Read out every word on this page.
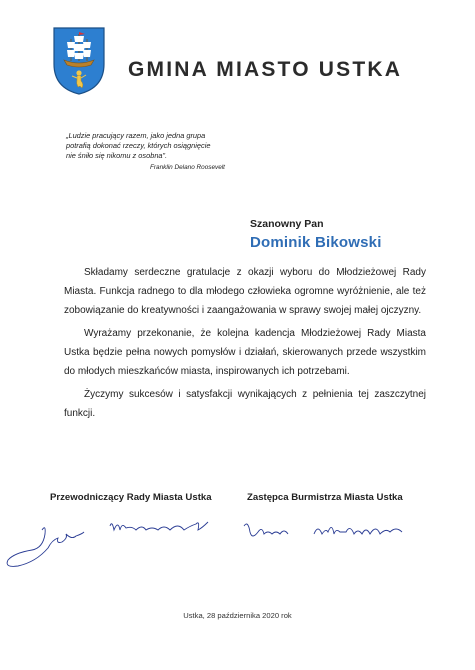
GMINA MIASTO USTKA
„Ludzie pracujący razem, jako jedna grupa
potrafią dokonać rzeczy, których osiągnięcie
nie śniło się nikomu z osobna”.
Franklin Delano Roosevelt
Szanowny Pan
Dominik Bikowski

Składamy serdeczne gratulacje z okazji wyboru do Młodzieżowej Rady Miasta. Funkcja radnego to dla młodego człowieka ogromne wyróżnienie, ale też zobowiązanie do kreatywności i zaangażowania w sprawy swojej małej ojczyzny.

Wyrażamy przekonanie, że kolejna kadencja Młodzieżowej Rady Miasta Ustka będzie pełna nowych pomysłów i działań, skierowanych przede wszystkim do młodych mieszkańców miasta, inspirowanych ich potrzebami.

Życzymy sukcesów i satysfakcji wynikających z pełnienia tej zaszczytnej funkcji.

Przewodniczący Rady Miasta Ustka	Zastępca Burmistrza Miasta Ustka
Ustka, 28 października 2020 rok
